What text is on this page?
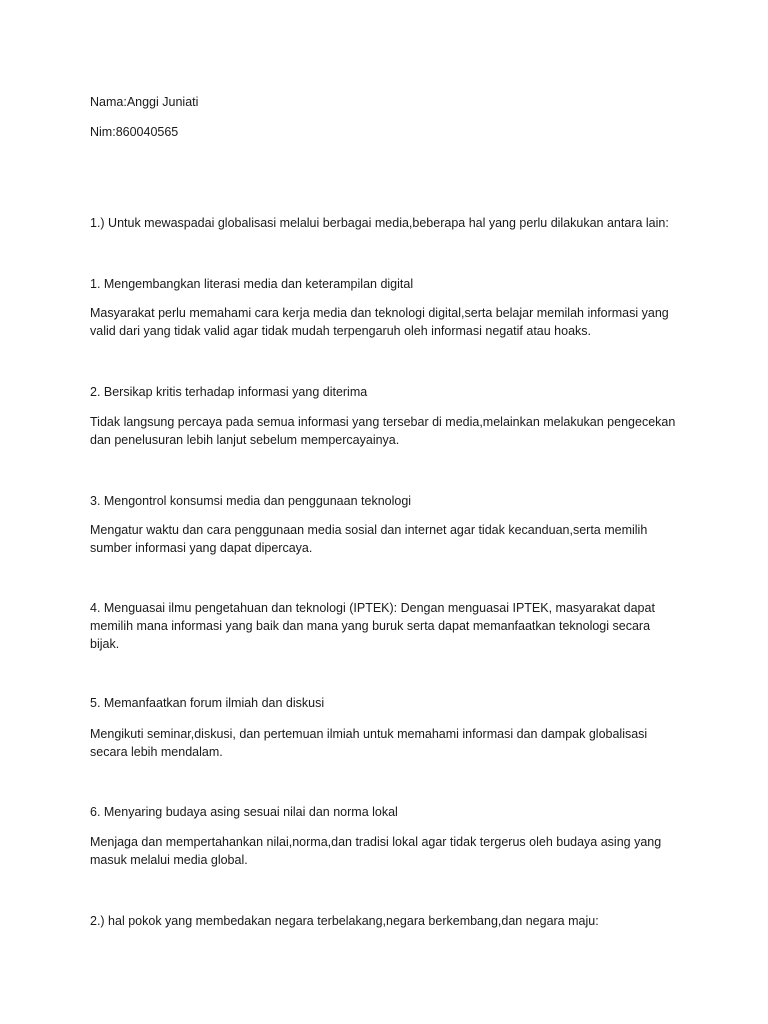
Nama:Anggi Juniati
Nim:860040565
1.) Untuk mewaspadai globalisasi melalui berbagai media,beberapa hal yang perlu dilakukan antara lain:
1. Mengembangkan literasi media dan keterampilan digital
Masyarakat perlu memahami cara kerja media dan teknologi digital,serta belajar memilah informasi yang valid dari yang tidak valid agar tidak mudah terpengaruh oleh informasi negatif atau hoaks.
2. Bersikap kritis terhadap informasi yang diterima
Tidak langsung percaya pada semua informasi yang tersebar di media,melainkan melakukan pengecekan dan penelusuran lebih lanjut sebelum mempercayainya.
3. Mengontrol konsumsi media dan penggunaan teknologi
Mengatur waktu dan cara penggunaan media sosial dan internet agar tidak kecanduan,serta memilih sumber informasi yang dapat dipercaya.
4. Menguasai ilmu pengetahuan dan teknologi (IPTEK): Dengan menguasai IPTEK, masyarakat dapat memilih mana informasi yang baik dan mana yang buruk serta dapat memanfaatkan teknologi secara bijak.
5. Memanfaatkan forum ilmiah dan diskusi
Mengikuti seminar,diskusi, dan pertemuan ilmiah untuk memahami informasi dan dampak globalisasi secara lebih mendalam.
6. Menyaring budaya asing sesuai nilai dan norma lokal
Menjaga dan mempertahankan nilai,norma,dan tradisi lokal agar tidak tergerus oleh budaya asing yang masuk melalui media global.
2.) hal pokok yang membedakan negara terbelakang,negara berkembang,dan negara maju:
